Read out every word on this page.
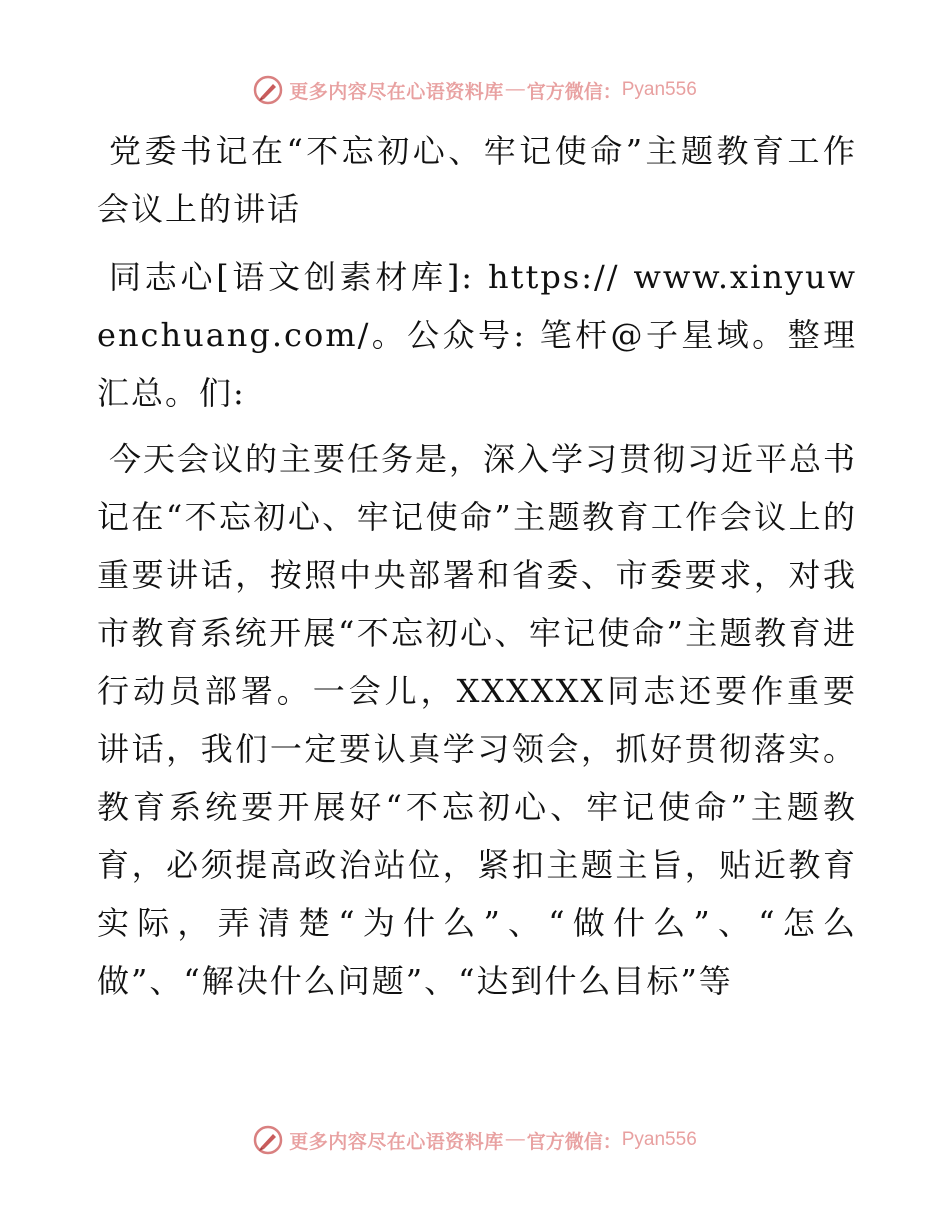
更多内容尽在心语资料库 — 官方微信： Pyan556

党委书记在“不忘初心、牢记使命”主题教育工作会议上的讲话

同志心[语文创素材库]: https:// www.xinyuwenchuang.com/。公众号: 笔杆@子星域。整理汇总。们:

今天会议的主要任务是，深入学习贯彻习近平总书记在“不忘初心、牢记使命”主题教育工作会议上的重要讲话，按照中央部署和省委、市委要求，对我市教育系统开展“不忘初心、牢记使命”主题教育进行动员部署。一会儿，XXXXXX同志还要作重要讲话，我们一定要认真学习领会，抓好贯彻落实。教育系统要开展好“不忘初心、牢记使命”主题教育，必须提高政治站位，紧扣主题主旨，贴近教育实际，弄清楚“为什么”、“做什么”、“怎么做”、“解决什么问题”、“达到什么目标”等

更多内容尽在心语资料库 — 官方微信： Pyan556
